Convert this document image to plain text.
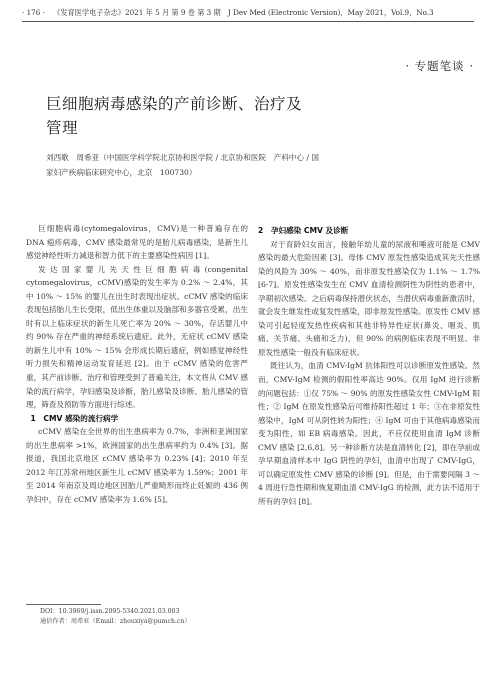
· 176 · 《发育医学电子杂志》2021 年 5 月 第 9 卷 第 3 期　J Dev Med (Electronic Version)，May 2021，Vol.9，No.3
· 专题笔谈 ·
巨细胞病毒感染的产前诊断、治疗及
管理
刘西歌　周希亚（中国医学科学院北京协和医学院 / 北京协和医院　产科中心 / 国
家妇产疾病临床研究中心，北京　100730）

巨细胞病毒(cytomegalovirus，CMV)是一种普遍存在的 DNA 疱疹病毒，CMV 感染最常见的是胎儿病毒感染，是新生儿感觉神经性听力减退和智力低下的主要感染性病因 [1]。

发达国家婴儿先天性巨细胞病毒(congenital cytomegalovirus，cCMV)感染的发生率为 0.2% ～ 2.4%，其中 10% ～ 15% 的婴儿在出生时表现出症状。cCMV 感染的临床表现包括胎儿生长受限，低出生体重以及脑部和多器官受累，出生时有以上临床症状的新生儿死亡率为 20% ～ 30%，存活婴儿中约 90% 存在严重的神经系统后遗症。此外，无症状 cCMV 感染的新生儿中有 10% ～ 15% 会形成长期后遗症，例如感觉神经性听力损失和精神运动发育延迟 [2]。由于 cCMV 感染的危害严重，其产前诊断、治疗和管理受到了普遍关注，本文将从 CMV 感染的流行病学，孕妇感染及诊断，胎儿感染及诊断、胎儿感染的管理，筛查及预防等方面进行综述。

1　CMV 感染的流行病学

cCMV 感染在全世界的出生患病率为 0.7%，非洲和亚洲国家的出生患病率 >1%，欧洲国家的出生患病率约为 0.4% [3]。据报道，我国北京地区 cCMV 感染率为 0.23% [4]；2010 年至 2012 年江苏常州地区新生儿 cCMV 感染率为 1.59%；2001 年至 2014 年南京及周边地区因胎儿严重畸形而终止妊娠的 436 例孕妇中，存在 cCMV 感染率为 1.6% [5]。

2　孕妇感染 CMV 及诊断

对于育龄妇女而言，接触年幼儿童的尿液和唾液可能是 CMV 感染的最大危险因素 [3]。母体 CMV 原发性感染造成其先天性感染的风险为 30% ～ 40%，而非原发性感染仅为 1.1% ～ 1.7% [6-7]。原发性感染发生在 CMV 血清检测阴性为阴性的患者中，孕期初次感染。之后病毒保持潜伏状态，当潜伏病毒重新激活时，就会发生继发性或复发性感染，即非原发性感染。原发性 CMV 感染可引起轻度发热性疾病和其他非特异性症状(鼻炎、咽炎、肌痛、关节痛、头痛和乏力)，但 90% 的病例临床表现不明显。非原发性感染一般没有临床症状。

既往认为，血清 CMV-IgM 抗体阳性可以诊断原发性感染。然而，CMV-IgM 检测的假阳性率高达 90%。仅用 IgM 进行诊断的问题包括：①仅 75% ～ 90% 的原发性感染女性 CMV-IgM 阳性；② IgM 在原发性感染后可维持阳性超过 1 年；③在非原发性感染中，IgM 可从阴性转为阳性；④ IgM 可由于其他病毒感染而变为阳性，如 EB 病毒感染。因此，不应仅使用血清 IgM 诊断 CMV 感染 [2,6,8]。另一种诊断方法是血清转化 [2]，即在孕前或孕早期血清样本中 IgG 阴性的孕妇，血清中出现了 CMV-IgG，可以确定原发性 CMV 感染的诊断 [9]。但是，由于需要间隔 3 ～ 4 周进行急性期和恢复期血清 CMV-IgG 的检测，此方法不适用于所有的孕妇 [8]。

DOI：10.3969/j.issn.2095-5340.2021.03.003
通信作者：周希亚（Email：zhouxiya@pumch.cn）
